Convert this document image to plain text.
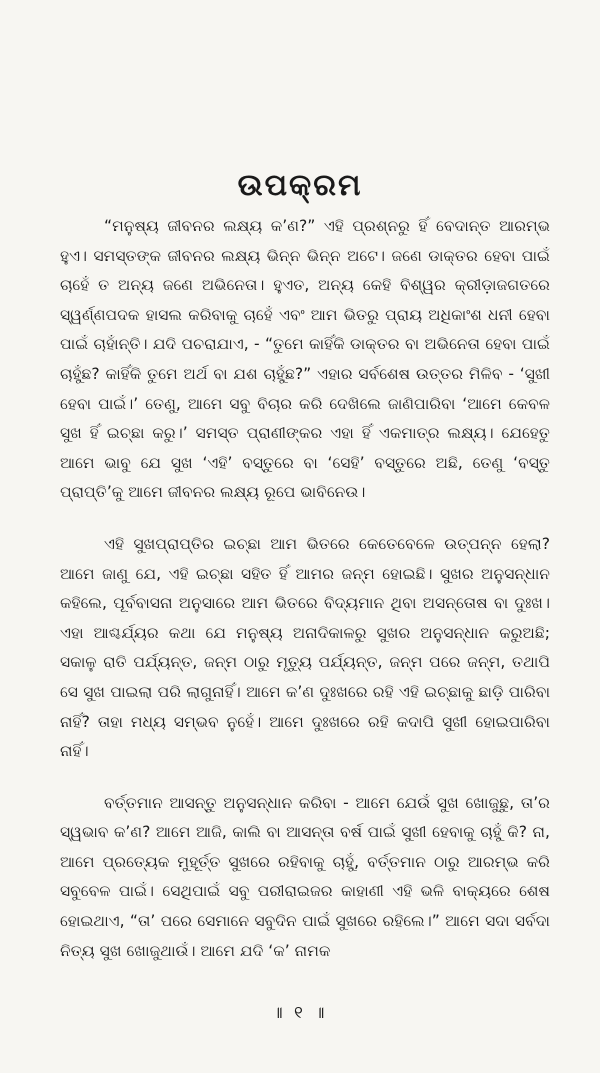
ଉପକ୍ରମ

“ମନୁଷ୍ୟ ଜୀବନର ଲକ୍ଷ୍ୟ କ’ଣ?” ଏହି ପ୍ରଶ୍ନରୁ ହିଁ ବେଦାନ୍ତ ଆରମ୍ଭ ହୁଏ। ସମସ୍ତଙ୍କ ଜୀବନର ଲକ୍ଷ୍ୟ ଭିନ୍ନ ଭିନ୍ନ ଅଟେ। ଜଣେ ଡାକ୍ତର ହେବା ପାଇଁ ଚାହେଁ ତ ଅନ୍ୟ ଜଣେ ଅଭିନେତା। ହୁଏତ, ଅନ୍ୟ କେହି ବିଶ୍ୱର କ୍ରୀଡ଼ାଜଗତରେ ସ୍ୱର୍ଣ୍ଣପଦକ ହାସଲ କରିବାକୁ ଚାହେଁ ଏବଂ ଆମ ଭିତରୁ ପ୍ରାୟ ଅଧିକାଂଶ ଧନୀ ହେବା ପାଇଁ ଚାହାଁନ୍ତି। ଯଦି ପଚରାଯାଏ, - “ତୁମେ କାହିଁକି ଡାକ୍ତର ବା ଅଭିନେତା ହେବା ପାଇଁ ଚାହୁଁଛ? କାହିଁକି ତୁମେ ଅର୍ଥ ବା ଯଶ ଚାହୁଁଛ?” ଏହାର ସର୍ବଶେଷ ଉତ୍ତର ମିଳିବ - ‘ସୁଖୀ ହେବା ପାଇଁ।’ ତେଣୁ, ଆମେ ସବୁ ବିଚାର କରି ଦେଖିଲେ ଜାଣିପାରିବା ‘ଆମେ କେବଳ ସୁଖ ହିଁ ଇଚ୍ଛା କରୁ।’ ସମସ୍ତ ପ୍ରାଣୀଙ୍କର ଏହା ହିଁ ଏକମାତ୍ର ଲକ୍ଷ୍ୟ। ଯେହେତୁ ଆମେ ଭାବୁ ଯେ ସୁଖ ‘ଏହି’ ବସ୍ତୁରେ ବା ‘ସେହି’ ବସ୍ତୁରେ ଅଛି, ତେଣୁ ‘ବସ୍ତୁ ପ୍ରାପ୍ତି’କୁ ଆମେ ଜୀବନର ଲକ୍ଷ୍ୟ ରୂପେ ଭାବିନେଉ।

ଏହି ସୁଖପ୍ରାପ୍ତିର ଇଚ୍ଛା ଆମ ଭିତରେ କେତେବେଳେ ଉତ୍ପନ୍ନ ହେଲା? ଆମେ ଜାଣୁ ଯେ, ଏହି ଇଚ୍ଛା ସହିତ ହିଁ ଆମର ଜନ୍ମ ହୋଇଛି। ସୁଖର ଅନୁସନ୍ଧାନ କହିଲେ, ପୂର୍ବବାସନା ଅନୁସାରେ ଆମ ଭିତରେ ବିଦ୍ୟମାନ ଥିବା ଅସନ୍ତୋଷ ବା ଦୁଃଖ। ଏହା ଆଶ୍ଚର୍ଯ୍ୟର କଥା ଯେ ମନୁଷ୍ୟ ଅନାଦିକାଳରୁ ସୁଖର ଅନୁସନ୍ଧାନ କରୁଅଛି; ସକାଳୁ ରାତି ପର୍ଯ୍ୟନ୍ତ, ଜନ୍ମ ଠାରୁ ମୃତ୍ୟୁ ପର୍ଯ୍ୟନ୍ତ, ଜନ୍ମ ପରେ ଜନ୍ମ, ତଥାପି ସେ ସୁଖ ପାଇଲା ପରି ଲାଗୁନାହିଁ। ଆମେ କ’ଣ ଦୁଃଖରେ ରହି ଏହି ଇଚ୍ଛାକୁ ଛାଡ଼ି ପାରିବା ନାହିଁ? ତାହା ମଧ୍ୟ ସମ୍ଭବ ନୁହେଁ। ଆମେ ଦୁଃଖରେ ରହି କଦାପି ସୁଖୀ ହୋଇପାରିବା ନାହିଁ।

ବର୍ତ୍ତମାନ ଆସନ୍ତୁ ଅନୁସନ୍ଧାନ କରିବା - ଆମେ ଯେଉଁ ସୁଖ ଖୋଜୁଛୁ, ତା’ର ସ୍ୱଭାବ କ’ଣ? ଆମେ ଆଜି, କାଲି ବା ଆସନ୍ତା ବର୍ଷ ପାଇଁ ସୁଖୀ ହେବାକୁ ଚାହୁଁ କି? ନା, ଆମେ ପ୍ରତ୍ୟେକ ମୁହୂର୍ତ୍ତ ସୁଖରେ ରହିବାକୁ ଚାହୁଁ, ବର୍ତ୍ତମାନ ଠାରୁ ଆରମ୍ଭ କରି ସବୁବେଳ ପାଇଁ। ସେଥିପାଇଁ ସବୁ ପରୀରାଇଜର କାହାଣୀ ଏହି ଭଳି ବାକ୍ୟରେ ଶେଷ ହୋଇଥାଏ, “ତା’ ପରେ ସେମାନେ ସବୁଦିନ ପାଇଁ ସୁଖରେ ରହିଲେ।” ଆମେ ସଦା ସର୍ବଦା ନିତ୍ୟ ସୁଖ ଖୋଜୁଥାଉଁ। ଆମେ ଯଦି ‘କ’ ନାମକ

॥ ୧ ॥
